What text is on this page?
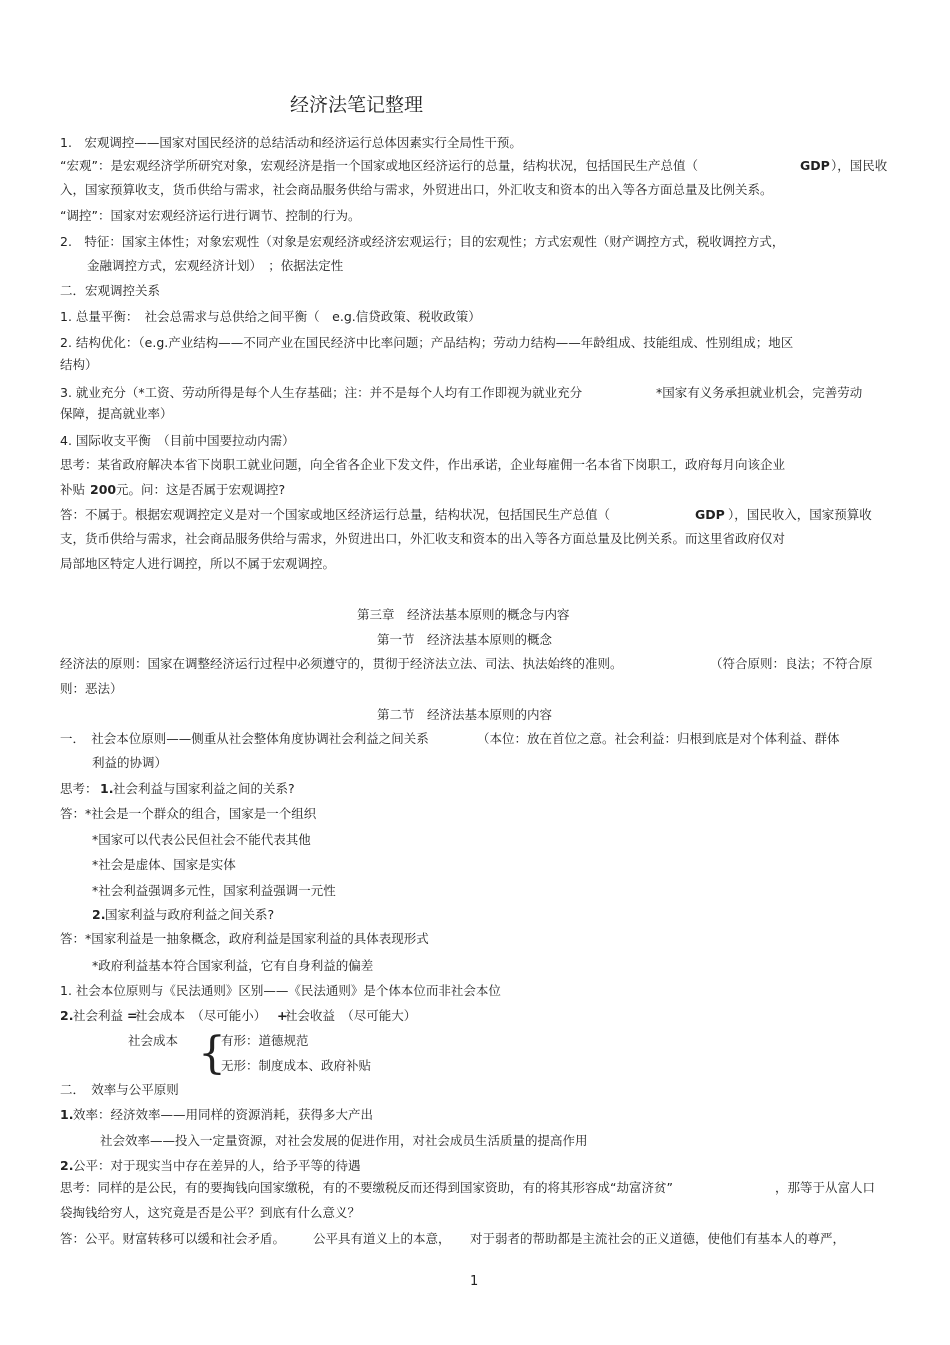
经济法笔记整理
1.　宏观调控——国家对国民经济的总结活动和经济运行总体因素实行全局性干预。
“宏观”：是宏观经济学所研究对象，宏观经济是指一个国家或地区经济运行的总量，结构状况，包括国民生产总值（	GDP ），国民收
入，国家预算收支，货币供给与需求，社会商品服务供给与需求，外贸进出口，外汇收支和资本的出入等各方面总量及比例关系。
“调控”：国家对宏观经济运行进行调节、控制的行为。
2.　特征：国家主体性；对象宏观性（对象是宏观经济或经济宏观运行；目的宏观性；方式宏观性（财产调控方式，税收调控方式，
金融调控方式，宏观经济计划）　；依据法定性
二．宏观调控关系
1. 总量平衡：　社会总需求与总供给之间平衡（　e.g.信贷政策、税收政策）
2. 结构优化：（e.g.产业结构——不同产业在国民经济中比率问题；产品结构；劳动力结构——年龄组成、技能组成、性别组成；地区
结构）
3. 就业充分（*工资、劳动所得是每个人生存基础；注：并不是每个人均有工作即视为就业充分	*国家有义务承担就业机会，完善劳动
保障，提高就业率）
4. 国际收支平衡　（目前中国要拉动内需）
思考：某省政府解决本省下岗职工就业问题，向全省各企业下发文件，作出承诺，企业每雇佣一名本省下岗职工，政府每月向该企业
补贴 200 元。问：这是否属于宏观调控?
答：不属于。根据宏观调控定义是对一个国家或地区经济运行总量，结构状况，包括国民生产总值（	GDP ），国民收入，国家预算收
支，货币供给与需求，社会商品服务供给与需求，外贸进出口，外汇收支和资本的出入等各方面总量及比例关系。而这里省政府仅对
局部地区特定人进行调控，所以不属于宏观调控。
第三章　经济法基本原则的概念与内容
第一节　经济法基本原则的概念
经济法的原则：国家在调整经济运行过程中必须遵守的，贯彻于经济法立法、司法、执法始终的准则。	（符合原则：良法；不符合原
则：恶法）
第二节　经济法基本原则的内容
一．　社会本位原则——侧重从社会整体角度协调社会利益之间关系	（本位：放在首位之意。社会利益：归根到底是对个体利益、群体
利益的协调）
思考： 1. 社会利益与国家利益之间的关系?
答：*社会是一个群众的组合，国家是一个组织
*国家可以代表公民但社会不能代表其他
*社会是虚体、国家是实体
*社会利益强调多元性，国家利益强调一元性
2. 国家利益与政府利益之间关系?
答：*国家利益是一抽象概念，政府利益是国家利益的具体表现形式
*政府利益基本符合国家利益，它有自身利益的偏差
1. 社会本位原则与《民法通则》区别——《民法通则》是个体本位而非社会本位
2. 社会利益 =
社会成本　（尽可能小） +
社会收益　（尽可能大）
社会成本 {
有形：道德规范
无形：制度成本、政府补贴
二．　效率与公平原则
1. 效率：经济效率——用同样的资源消耗，获得多大产出
社会效率——投入一定量资源，对社会发展的促进作用，对社会成员生活质量的提高作用
2. 公平：对于现实当中存在差异的人，给予平等的待遇
思考：同样的是公民，有的要掏钱向国家缴税，有的不要缴税反而还得到国家资助，有的将其形容成“劫富济贫”	，那等于从富人口
袋掏钱给穷人，这究竟是否是公平？到底有什么意义？
答：公平。财富转移可以缓和社会矛盾。 公平具有道义上的本意， 对于弱者的帮助都是主流社会的正义道德，使他们有基本人的尊严，
1
